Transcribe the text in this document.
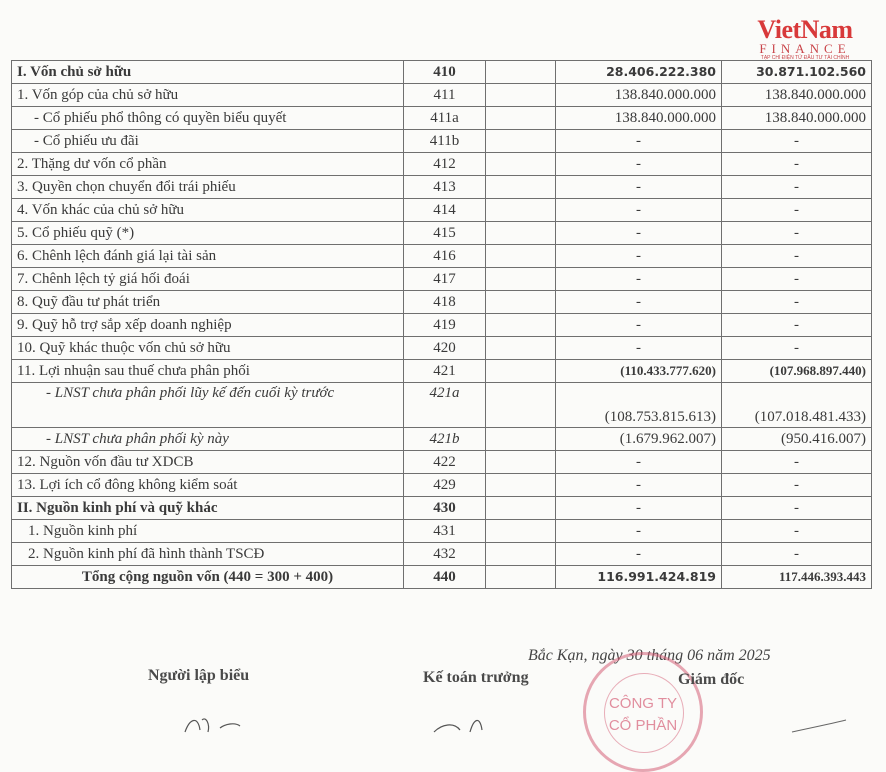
VietNam
FINANCE
TẠP CHÍ ĐIỆN TỬ ĐẦU TƯ TÀI CHÍNH
I. Vốn chủ sở hữu	410		28.406.222.380	30.871.102.560
1. Vốn góp của chủ sở hữu	411		138.840.000.000	138.840.000.000
- Cổ phiếu phổ thông có quyền biểu quyết	411a		138.840.000.000	138.840.000.000
- Cổ phiếu ưu đãi	411b		-	-
2. Thặng dư vốn cổ phần	412		-	-
3. Quyền chọn chuyển đổi trái phiếu	413		-	-
4. Vốn khác của chủ sở hữu	414		-	-
5. Cổ phiếu quỹ (*)	415		-	-
6. Chênh lệch đánh giá lại tài sản	416		-	-
7. Chênh lệch tỷ giá hối đoái	417		-	-
8. Quỹ đầu tư phát triển	418		-	-
9. Quỹ hỗ trợ sắp xếp doanh nghiệp	419		-	-
10. Quỹ khác thuộc vốn chủ sở hữu	420		-	-
11. Lợi nhuận sau thuế chưa phân phối	421		(110.433.777.620)	(107.968.897.440)
- LNST chưa phân phối lũy kế đến cuối kỳ trước	421a		(108.753.815.613)	(107.018.481.433)
- LNST chưa phân phối kỳ này	421b		(1.679.962.007)	(950.416.007)
12. Nguồn vốn đầu tư XDCB	422		-	-
13. Lợi ích cổ đông không kiểm soát	429		-	-
II. Nguồn kinh phí và quỹ khác	430		-	-
1. Nguồn kinh phí	431		-	-
2. Nguồn kinh phí đã hình thành TSCĐ	432		-	-
Tổng cộng nguồn vốn (440 = 300 + 400)	440		116.991.424.819	117.446.393.443
Bắc Kạn, ngày 30 tháng 06 năm 2025
CÔNG TY
CỔ PHẦN
Người lập biểu	Kế toán trưởng	Giám đốc
